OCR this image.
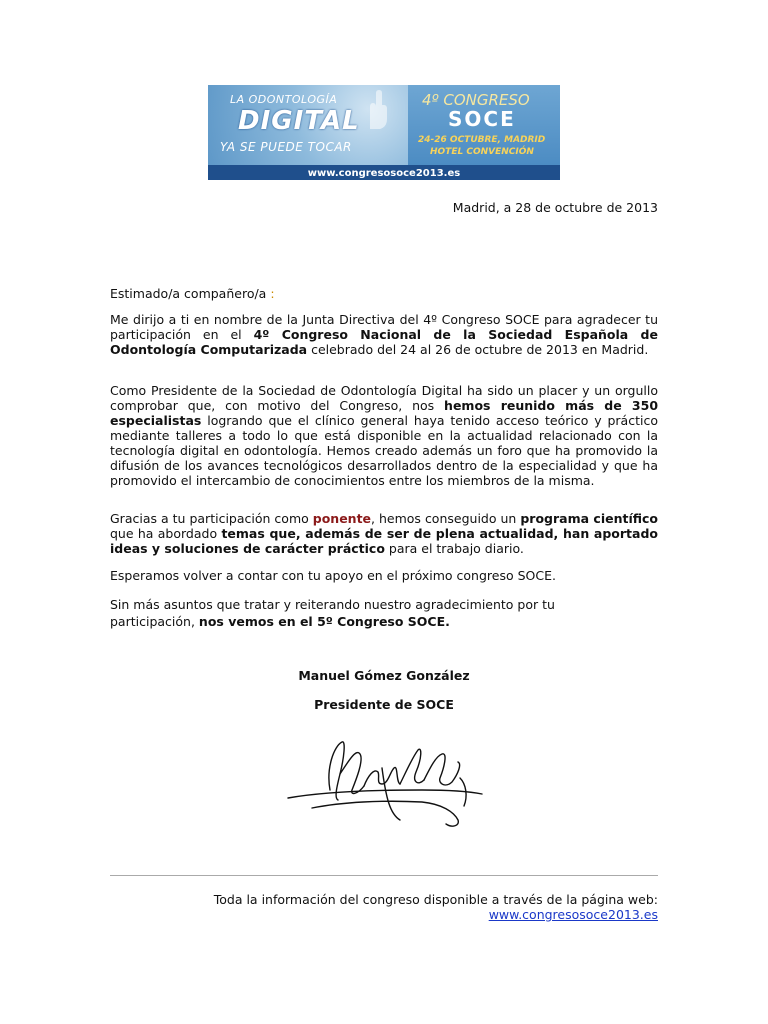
LA ODONTOLOGÍA
DIGITAL
YA SE PUEDE TOCAR
4º CONGRESO
SOCE
24-26 OCTUBRE, MADRID
HOTEL CONVENCIÓN
www.congresosoce2013.es
Madrid, a 28 de octubre de 2013
Estimado/a compañero/a :
Me dirijo a ti en nombre de la Junta Directiva del 4º Congreso SOCE para agradecer tu participación en el 4º Congreso Nacional de la Sociedad Española de Odontología Computarizada celebrado del 24 al 26 de octubre de 2013 en Madrid.
Como Presidente de la Sociedad de Odontología Digital ha sido un placer y un orgullo comprobar que, con motivo del Congreso, nos hemos reunido más de 350 especialistas logrando que el clínico general haya tenido acceso teórico y práctico mediante talleres a todo lo que está disponible en la actualidad relacionado con la tecnología digital en odontología. Hemos creado además un foro que ha promovido la difusión de los avances tecnológicos desarrollados dentro de la especialidad y que ha promovido el intercambio de conocimientos entre los miembros de la misma.
Gracias a tu participación como ponente, hemos conseguido un programa científico que ha abordado temas que, además de ser de plena actualidad, han aportado ideas y soluciones de carácter práctico para el trabajo diario.
Esperamos volver a contar con tu apoyo en el próximo congreso SOCE.
Sin más asuntos que tratar y reiterando nuestro agradecimiento por tu participación, nos vemos en el 5º Congreso SOCE.
Manuel Gómez González
Presidente de SOCE
Toda la información del congreso disponible a través de la página web:
www.congresosoce2013.es
